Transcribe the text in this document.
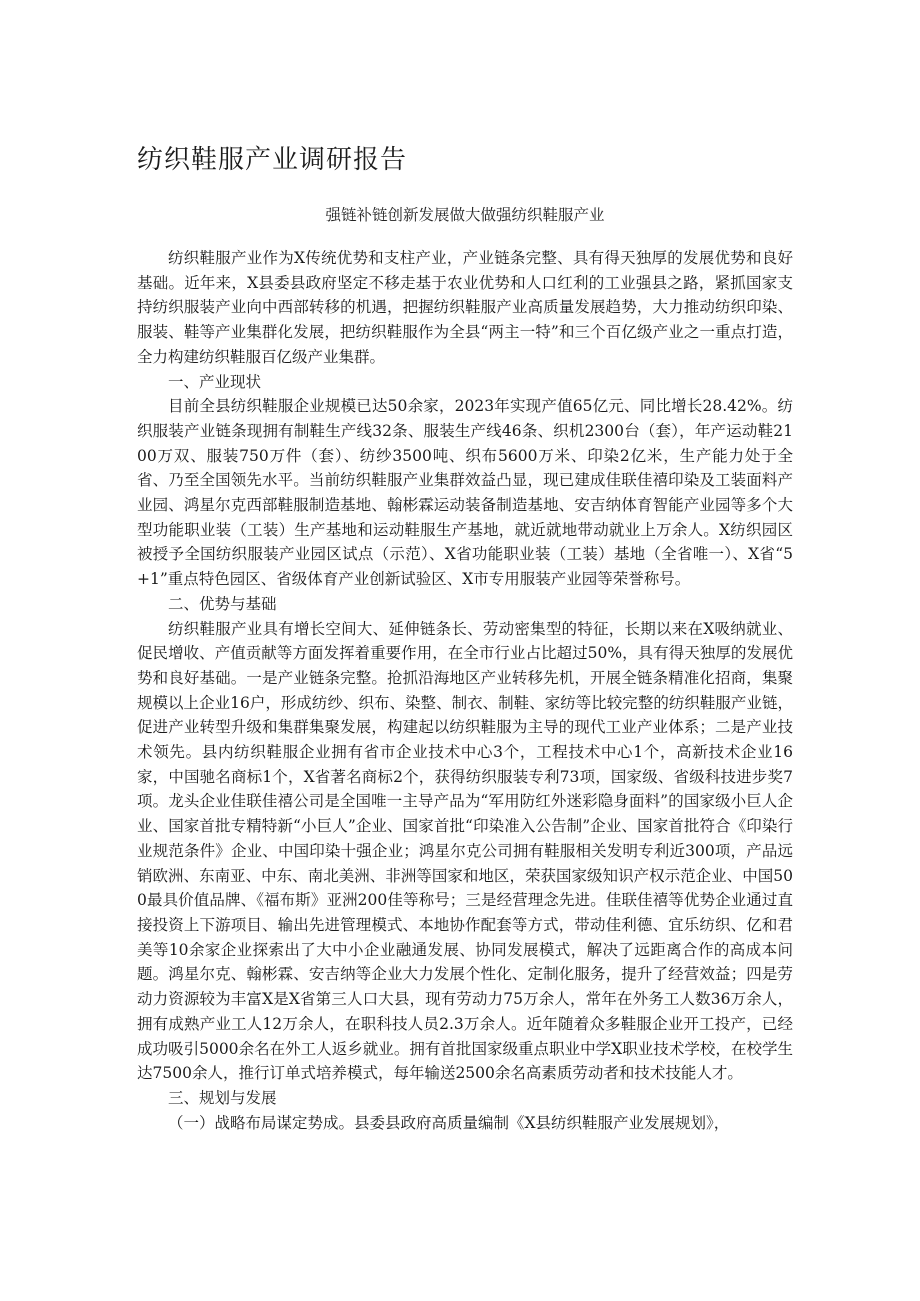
纺织鞋服产业调研报告
强链补链创新发展做大做强纺织鞋服产业

纺织鞋服产业作为X传统优势和支柱产业，产业链条完整、具有得天独厚的发展优势和良好基础。近年来，X县委县政府坚定不移走基于农业优势和人口红利的工业强县之路，紧抓国家支持纺织服装产业向中西部转移的机遇，把握纺织鞋服产业高质量发展趋势，大力推动纺织印染、服装、鞋等产业集群化发展，把纺织鞋服作为全县“两主一特”和三个百亿级产业之一重点打造，全力构建纺织鞋服百亿级产业集群。

一、产业现状

目前全县纺织鞋服企业规模已达50余家，2023年实现产值65亿元、同比增长28.42%。纺织服装产业链条现拥有制鞋生产线32条、服装生产线46条、织机2300台（套），年产运动鞋2100万双、服装750万件（套）、纺纱3500吨、织布5600万米、印染2亿米，生产能力处于全省、乃至全国领先水平。当前纺织鞋服产业集群效益凸显，现已建成佳联佳禧印染及工装面料产业园、鸿星尔克西部鞋服制造基地、翰彬霖运动装备制造基地、安吉纳体育智能产业园等多个大型功能职业装（工装）生产基地和运动鞋服生产基地，就近就地带动就业上万余人。X纺织园区被授予全国纺织服装产业园区试点（示范）、X省功能职业装（工装）基地（全省唯一）、X省“5+1”重点特色园区、省级体育产业创新试验区、X市专用服装产业园等荣誉称号。

二、优势与基础

纺织鞋服产业具有增长空间大、延伸链条长、劳动密集型的特征，长期以来在X吸纳就业、促民增收、产值贡献等方面发挥着重要作用，在全市行业占比超过50%，具有得天独厚的发展优势和良好基础。一是产业链条完整。抢抓沿海地区产业转移先机，开展全链条精准化招商，集聚规模以上企业16户，形成纺纱、织布、染整、制衣、制鞋、家纺等比较完整的纺织鞋服产业链，促进产业转型升级和集群集聚发展，构建起以纺织鞋服为主导的现代工业产业体系；二是产业技术领先。县内纺织鞋服企业拥有省市企业技术中心3个，工程技术中心1个，高新技术企业16家，中国驰名商标1个，X省著名商标2个，获得纺织服装专利73项，国家级、省级科技进步奖7项。龙头企业佳联佳禧公司是全国唯一主导产品为“军用防红外迷彩隐身面料”的国家级小巨人企业、国家首批专精特新“小巨人”企业、国家首批“印染准入公告制”企业、国家首批符合《印染行业规范条件》企业、中国印染十强企业；鸿星尔克公司拥有鞋服相关发明专利近300项，产品远销欧洲、东南亚、中东、南北美洲、非洲等国家和地区，荣获国家级知识产权示范企业、中国500最具价值品牌、《福布斯》亚洲200佳等称号；三是经营理念先进。佳联佳禧等优势企业通过直接投资上下游项目、输出先进管理模式、本地协作配套等方式，带动佳利德、宜乐纺织、亿和君美等10余家企业探索出了大中小企业融通发展、协同发展模式，解决了远距离合作的高成本问题。鸿星尔克、翰彬霖、安吉纳等企业大力发展个性化、定制化服务，提升了经营效益；四是劳动力资源较为丰富X是X省第三人口大县，现有劳动力75万余人，常年在外务工人数36万余人，拥有成熟产业工人12万余人，在职科技人员2.3万余人。近年随着众多鞋服企业开工投产，已经成功吸引5000余名在外工人返乡就业。拥有首批国家级重点职业中学X职业技术学校，在校学生达7500余人，推行订单式培养模式，每年输送2500余名高素质劳动者和技术技能人才。

三、规划与发展

（一）战略布局谋定势成。县委县政府高质量编制《X县纺织鞋服产业发展规划》，
